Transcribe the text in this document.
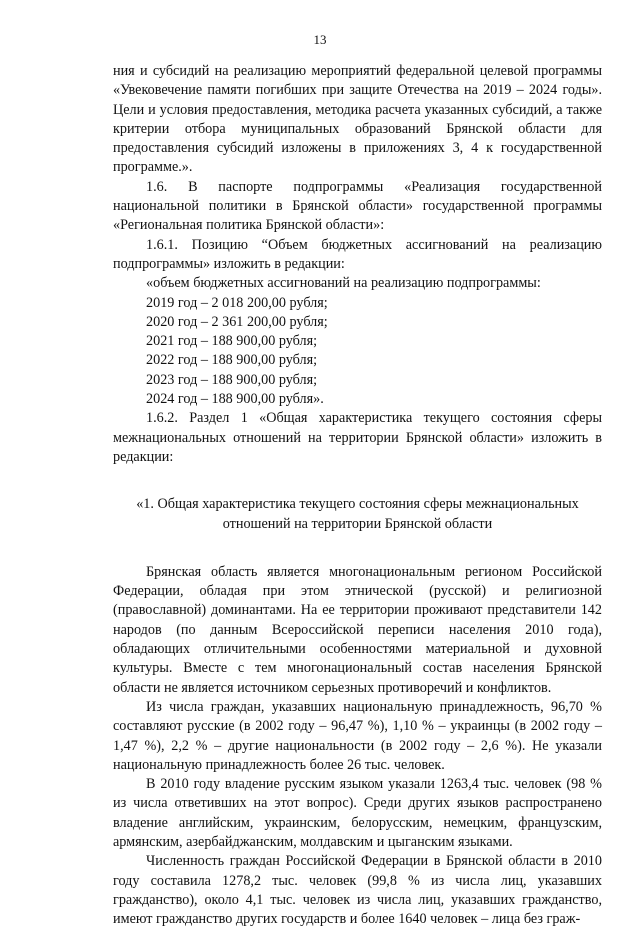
13

ния и субсидий на реализацию мероприятий федеральной целевой программы «Увековечение памяти погибших при защите Отечества на 2019 – 2024 годы». Цели и условия предоставления, методика расчета указанных субсидий, а также критерии отбора муниципальных образований Брянской области для предоставления субсидий изложены в приложениях 3, 4 к государственной программе.».

1.6. В паспорте подпрограммы «Реализация государственной национальной политики в Брянской области» государственной программы «Региональная политика Брянской области»:

1.6.1. Позицию “Объем бюджетных ассигнований на реализацию подпрограммы» изложить в редакции:

«объем бюджетных ассигнований на реализацию подпрограммы:
2019 год – 2 018 200,00 рубля;
2020 год – 2 361 200,00 рубля;
2021 год – 188 900,00 рубля;
2022 год – 188 900,00 рубля;
2023 год – 188 900,00 рубля;
2024 год – 188 900,00 рубля».

1.6.2. Раздел 1 «Общая характеристика текущего состояния сферы межнациональных отношений на территории Брянской области» изложить в редакции:

«1. Общая характеристика текущего состояния сферы межнациональных отношений на территории Брянской области

Брянская область является многонациональным регионом Российской Федерации, обладая при этом этнической (русской) и религиозной (православной) доминантами. На ее территории проживают представители 142 народов (по данным Всероссийской переписи населения 2010 года), обладающих отличительными особенностями материальной и духовной культуры. Вместе с тем многонациональный состав населения Брянской области не является источником серьезных противоречий и конфликтов.

Из числа граждан, указавших национальную принадлежность, 96,70 % составляют русские (в 2002 году – 96,47 %), 1,10 % – украинцы (в 2002 году – 1,47 %), 2,2 % – другие национальности (в 2002 году – 2,6 %). Не указали национальную принадлежность более 26 тыс. человек.

В 2010 году владение русским языком указали 1263,4 тыс. человек (98 % из числа ответивших на этот вопрос). Среди других языков распространено владение английским, украинским, белорусским, немецким, французским, армянским, азербайджанским, молдавским и цыганским языками.

Численность граждан Российской Федерации в Брянской области в 2010 году составила 1278,2 тыс. человек (99,8 % из числа лиц, указавших гражданство), около 4,1 тыс. человек из числа лиц, указавших гражданство, имеют гражданство других государств и более 1640 человек – лица без граж-
